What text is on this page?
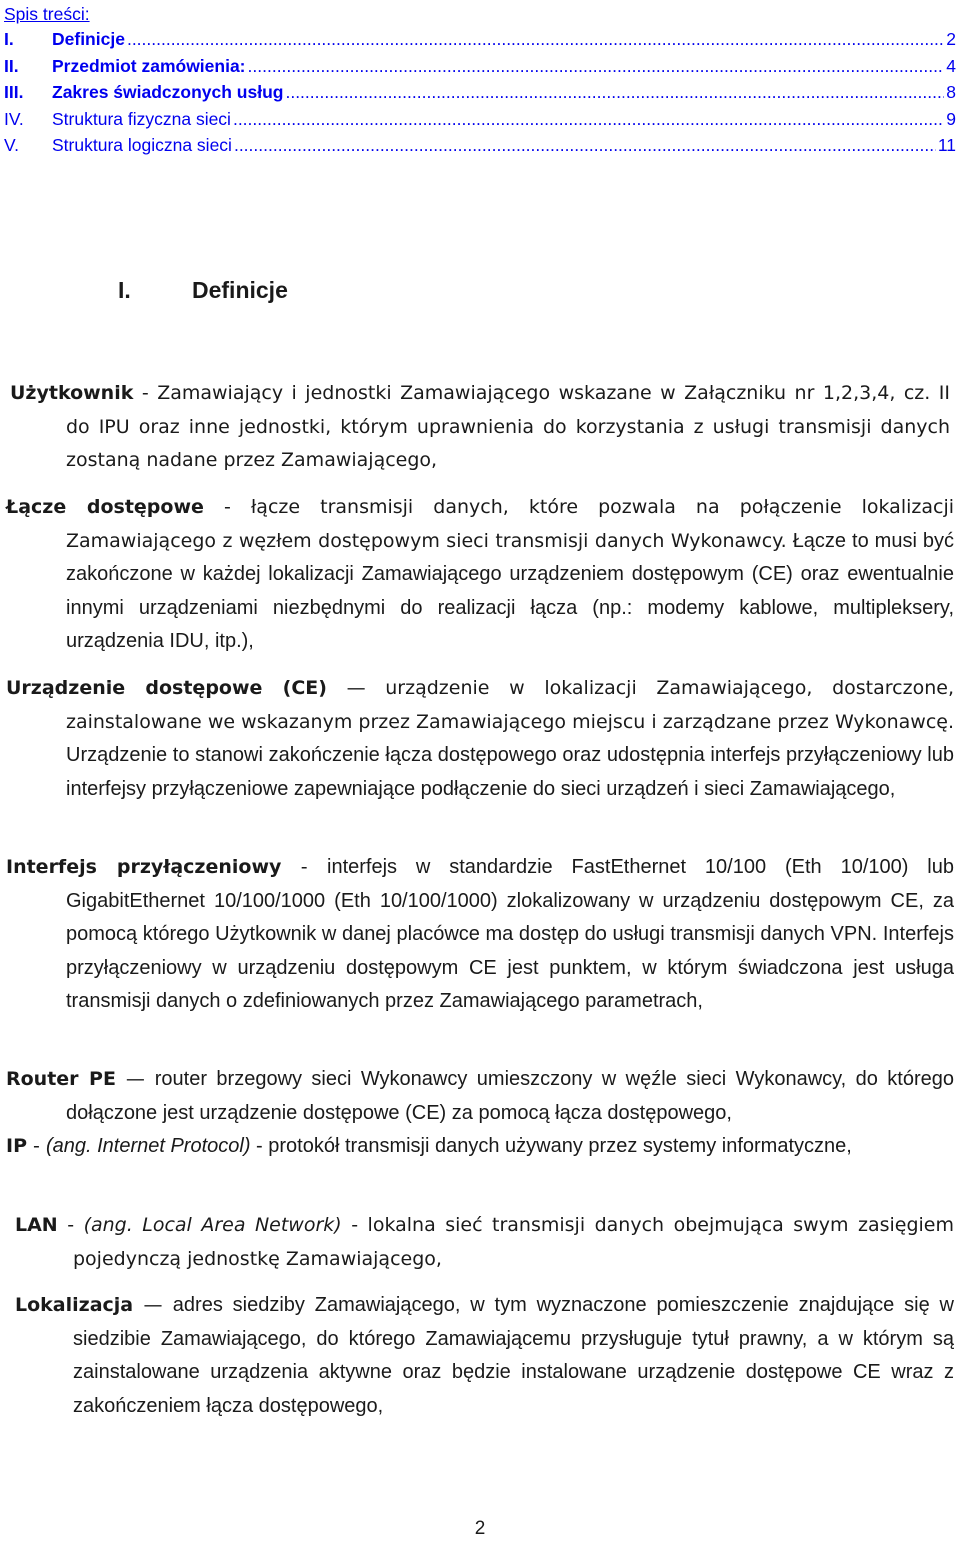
Spis treści:
I.	Definicje .....	2
II.	Przedmiot zamówienia: .....	4
III.	Zakres świadczonych usług .....	8
IV.	Struktura fizyczna sieci .....	9
V.	Struktura logiczna sieci .....	11
I.	Definicje
Użytkownik - Zamawiający i jednostki Zamawiającego wskazane w Załączniku nr 1,2,3,4, cz. II do IPU oraz inne jednostki, którym uprawnienia do korzystania z usługi transmisji danych zostaną nadane przez Zamawiającego,
Łącze dostępowe - łącze transmisji danych, które pozwala na połączenie lokalizacji Zamawiającego z węzłem dostępowym sieci transmisji danych Wykonawcy. Łącze to musi być zakończone w każdej lokalizacji Zamawiającego urządzeniem dostępowym (CE) oraz ewentualnie innymi urządzeniami niezbędnymi do realizacji łącza (np.: modemy kablowe, multipleksery, urządzenia IDU, itp.),
Urządzenie dostępowe (CE) — urządzenie w lokalizacji Zamawiającego, dostarczone, zainstalowane we wskazanym przez Zamawiającego miejscu i zarządzane przez Wykonawcę. Urządzenie to stanowi zakończenie łącza dostępowego oraz udostępnia interfejs przyłączeniowy lub interfejsy przyłączeniowe zapewniające podłączenie do sieci urządzeń i sieci Zamawiającego,
Interfejs przyłączeniowy - interfejs w standardzie FastEthernet 10/100 (Eth 10/100) lub GigabitEthernet 10/100/1000 (Eth 10/100/1000) zlokalizowany w urządzeniu dostępowym CE, za pomocą którego Użytkownik w danej placówce ma dostęp do usługi transmisji danych VPN. Interfejs przyłączeniowy w urządzeniu dostępowym CE jest punktem, w którym świadczona jest usługa transmisji danych o zdefiniowanych przez Zamawiającego parametrach,
Router PE — router brzegowy sieci Wykonawcy umieszczony w węźle sieci Wykonawcy, do którego dołączone jest urządzenie dostępowe (CE) za pomocą łącza dostępowego,
IP - (ang. Internet Protocol) - protokół transmisji danych używany przez systemy informatyczne,
LAN - (ang. Local Area Network) - lokalna sieć transmisji danych obejmująca swym zasięgiem pojedynczą jednostkę Zamawiającego,
Lokalizacja — adres siedziby Zamawiającego, w tym wyznaczone pomieszczenie znajdujące się w siedzibie Zamawiającego, do którego Zamawiającemu przysługuje tytuł prawny, a w którym są zainstalowane urządzenia aktywne oraz będzie instalowane urządzenie dostępowe CE wraz z zakończeniem łącza dostępowego,
2
